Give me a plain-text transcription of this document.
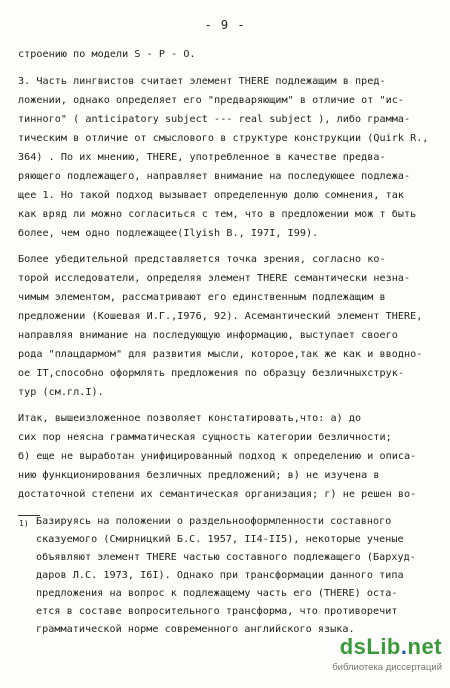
- 9 -
строению по модели S - P - O.
3. Часть лингвистов считает элемент THERE подлежащим в пред-
ложении, однако определяет его "предваряющим" в отличие от "ис-
тинного" ( anticipatory subject --- real subject ), либо грамма-
тическим в отличие от смыслового в структуре конструкции (Quirk R.,
364) . По их мнению, THERE, употребленное в качестве предва-
ряющего подлежащего, направляет внимание на последующее подлежа-
щее 1. Но такой подход вызывает определенную долю сомнения, так
как вряд ли можно согласиться с тем, что в предложении мож т быть
более, чем одно подлежащее(Ilyish B., I97I, I99).
Более убедительной представляется точка зрения, согласно ко-
торой исследователи, определяя элемент THERE семантически незна-
чимым элементом, рассматривают его единственным подлежащим в
предложении (Кошевая И.Г.,I976, 92). Асемантический элемент THERE,
направляя внимание на последующую информацию, выступает своего
рода "плацдармом" для развития мысли, которое,так же как и вводно-
ое IT,способно оформлять предложения по образцу безличныхструк-
тур (см.гл.I).
Итак, вышеизложенное позволяет констатировать,что: а) до
сих пор неясна грамматическая сущность категории безличности;
б) еще не выработан унифицированный подход к определению и описа-
нию функционирования безличных предложений; в) не изучена в
достаточной степени их семантическая организация; г) не решен во-
1) Базируясь на положении о раздельнооформленности составного
сказуемого (Смирницкий Б.С. 1957, II4-II5), некоторые ученые
объявляют элемент THERE частью составного подлежащего (Бархуд-
даров Л.С. 1973, I6I). Однако при трансформации данного типа
предложения на вопрос к подлежащему часть его (THERE) оста-
ется в составе вопросительного трансформа, что противоречит
грамматической норме современного английского языка.
dsLib.net
библиотека диссертаций
